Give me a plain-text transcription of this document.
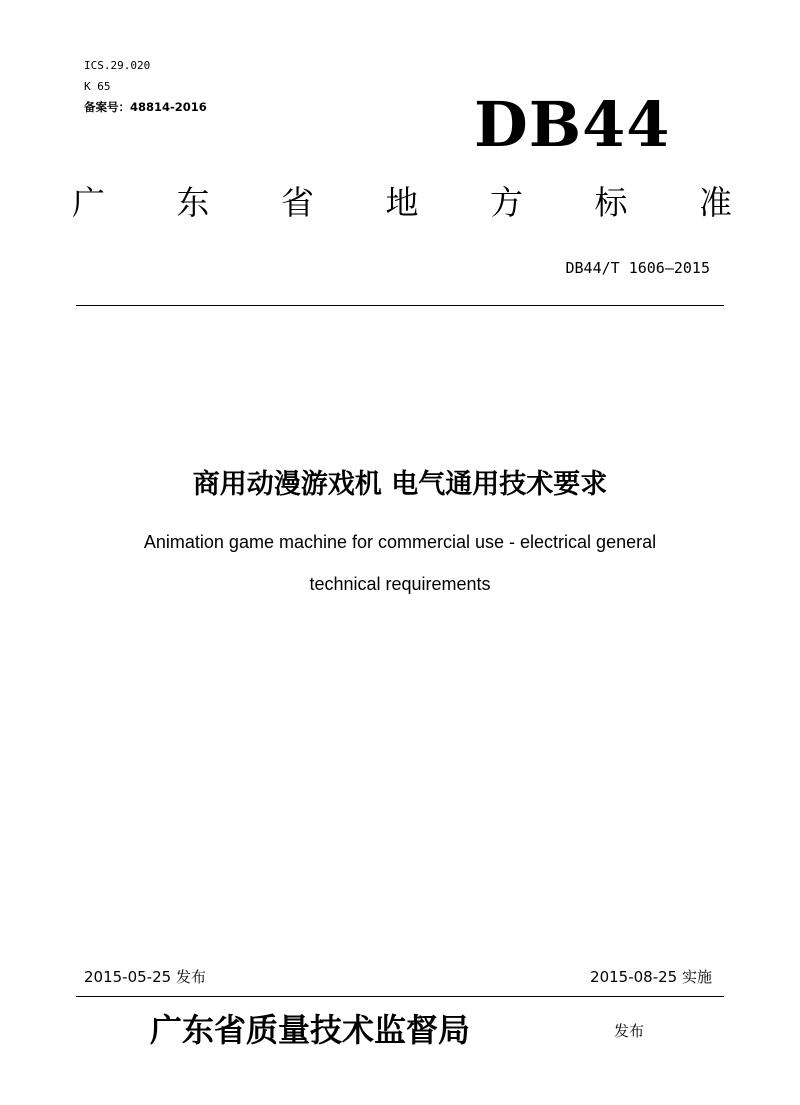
ICS.29.020
K 65
备案号：48814-2016	DB44
广 东 省 地 方 标 准
DB44/T 1606—2015
商用动漫游戏机 电气通用技术要求
Animation game machine for commercial use - electrical general
technical requirements
2015-05-25 发布	2015-08-25 实施
广东省质量技术监督局	发布
